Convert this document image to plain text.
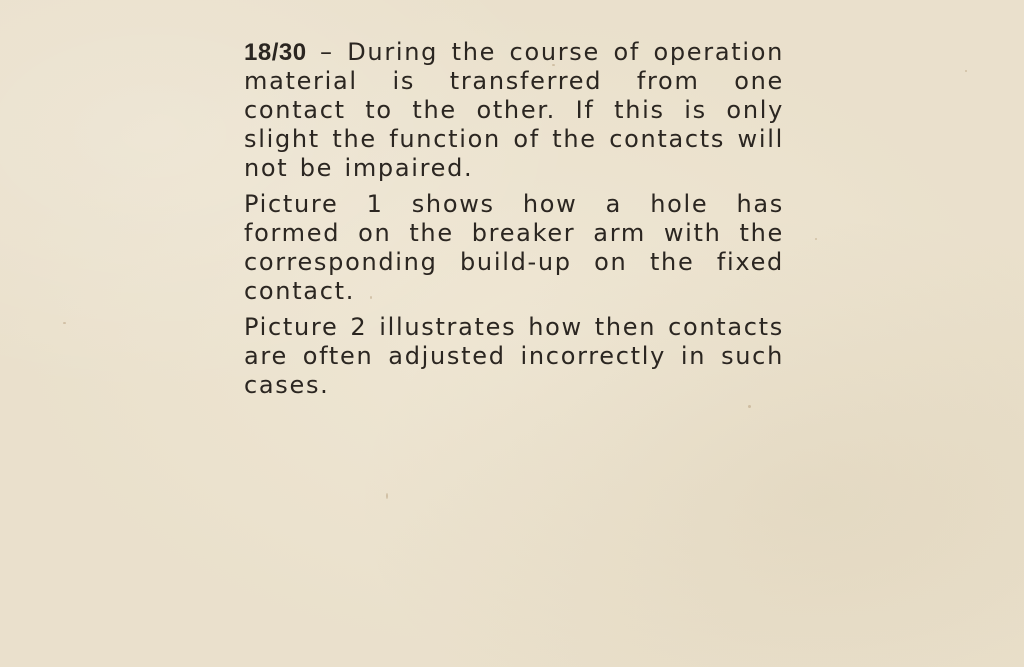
18/30 – During the course of operation material is transferred from one contact to the other. If this is only slight the function of the contacts will not be impaired.

Picture 1 shows how a hole has formed on the breaker arm with the corresponding build-up on the fixed contact.

Picture 2 illustrates how then contacts are often adjusted incorrectly in such cases.
